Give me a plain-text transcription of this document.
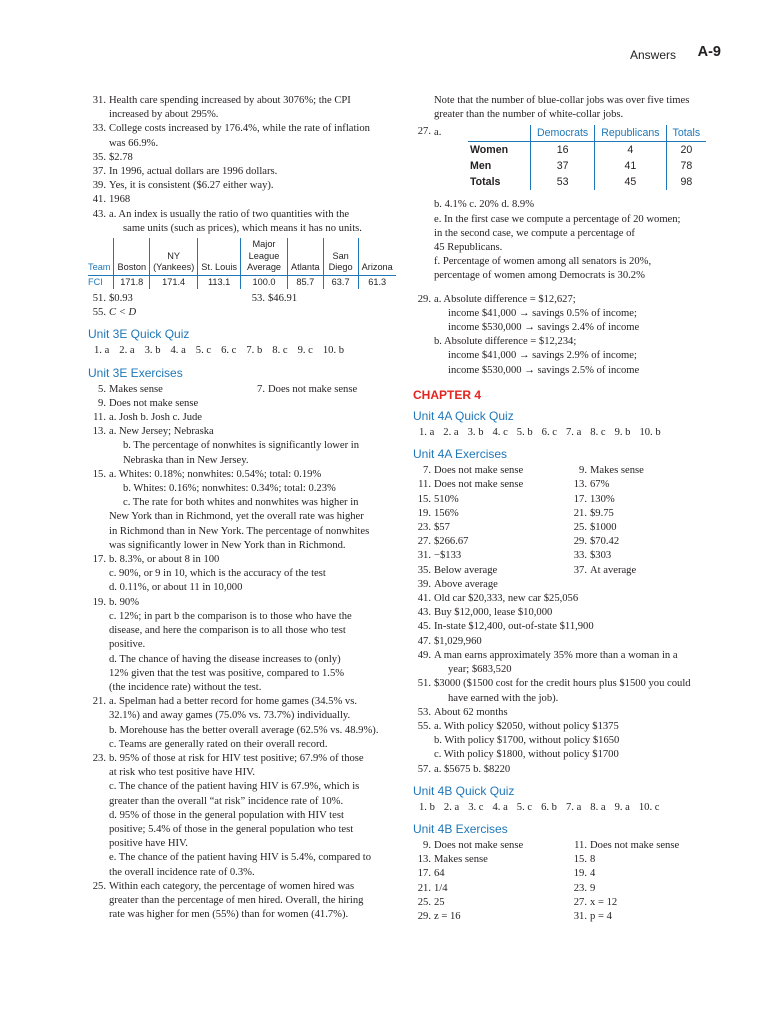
Answers A-9
31. Health care spending increased by about 3076%; the CPI
increased by about 295%.
33. College costs increased by 176.4%, while the rate of inflation
was 66.9%.
35. $2.78
37. In 1996, actual dollars are 1996 dollars.
39. Yes, it is consistent ($6.27 either way).
41. 1968
43. a. An index is usually the ratio of two quantities with the
same units (such as prices), which means it has no units.
Team	Boston	NY (Yankees)	St. Louis	Major League Average	Atlanta	San Diego	Arizona
FCI	171.8	171.4	113.1	100.0	85.7	63.7	61.3
51. $0.93	53. $46.91
55. C < D
Unit 3E Quick Quiz
1. a 2. a 3. b 4. a 5. c 6. c 7. b 8. c 9. c 10. b
Unit 3E Exercises
5. Makes sense	7. Does not make sense
9. Does not make sense
11. a. Josh b. Josh c. Jude
13. a. New Jersey; Nebraska
b. The percentage of nonwhites is significantly lower in
Nebraska than in New Jersey.
15. a. Whites: 0.18%; nonwhites: 0.54%; total: 0.19%
b. Whites: 0.16%; nonwhites: 0.34%; total: 0.23%
c. The rate for both whites and nonwhites was higher in
New York than in Richmond, yet the overall rate was higher
in Richmond than in New York. The percentage of nonwhites
was significantly lower in New York than in Richmond.
17. b. 8.3%, or about 8 in 100
c. 90%, or 9 in 10, which is the accuracy of the test
d. 0.11%, or about 11 in 10,000
19. b. 90%
c. 12%; in part b the comparison is to those who have the
disease, and here the comparison is to all those who test
positive.
d. The chance of having the disease increases to (only)
12% given that the test was positive, compared to 1.5%
(the incidence rate) without the test.
21. a. Spelman had a better record for home games (34.5% vs.
32.1%) and away games (75.0% vs. 73.7%) individually.
b. Morehouse has the better overall average (62.5% vs. 48.9%).
c. Teams are generally rated on their overall record.
23. b. 95% of those at risk for HIV test positive; 67.9% of those
at risk who test positive have HIV.
c. The chance of the patient having HIV is 67.9%, which is
greater than the overall “at risk” incidence rate of 10%.
d. 95% of those in the general population with HIV test
positive; 5.4% of those in the general population who test
positive have HIV.
e. The chance of the patient having HIV is 5.4%, compared to
the overall incidence rate of 0.3%.
25. Within each category, the percentage of women hired was
greater than the percentage of men hired. Overall, the hiring
rate was higher for men (55%) than for women (41.7%).
Note that the number of blue-collar jobs was over five times
greater than the number of white-collar jobs.
27. a.
		Democrats	Republicans	Totals
Women	16	4	20
Men	37	41	78
Totals	53	45	98
b. 4.1% c. 20% d. 8.9%
e. In the first case we compute a percentage of 20 women;
in the second case, we compute a percentage of
45 Republicans.
f. Percentage of women among all senators is 20%,
percentage of women among Democrats is 30.2%
29. a. Absolute difference = $12,627;
income $41,000 → savings 0.5% of income;
income $530,000 → savings 2.4% of income
b. Absolute difference = $12,234;
income $41,000 → savings 2.9% of income;
income $530,000 → savings 2.5% of income
CHAPTER 4
Unit 4A Quick Quiz
1. a 2. a 3. b 4. c 5. b 6. c 7. a 8. c 9. b 10. b
Unit 4A Exercises
7. Does not make sense	9. Makes sense
11. Does not make sense	13. 67%
15. 510%	17. 130%
19. 156%	21. $9.75
23. $57	25. $1000
27. $266.67	29. $70.42
31. −$133	33. $303
35. Below average	37. At average
39. Above average
41. Old car $20,333, new car $25,056
43. Buy $12,000, lease $10,000
45. In-state $12,400, out-of-state $11,900
47. $1,029,960
49. A man earns approximately 35% more than a woman in a
year; $683,520
51. $3000 ($1500 cost for the credit hours plus $1500 you could
have earned with the job).
53. About 62 months
55. a. With policy $2050, without policy $1375
b. With policy $1700, without policy $1650
c. With policy $1800, without policy $1700
57. a. $5675 b. $8220
Unit 4B Quick Quiz
1. b 2. a 3. c 4. a 5. c 6. b 7. a 8. a 9. a 10. c
Unit 4B Exercises
9. Does not make sense	11. Does not make sense
13. Makes sense	15. 8
17. 64	19. 4
21. 1/4	23. 9
25. 25	27. x = 12
29. z = 16	31. p = 4
